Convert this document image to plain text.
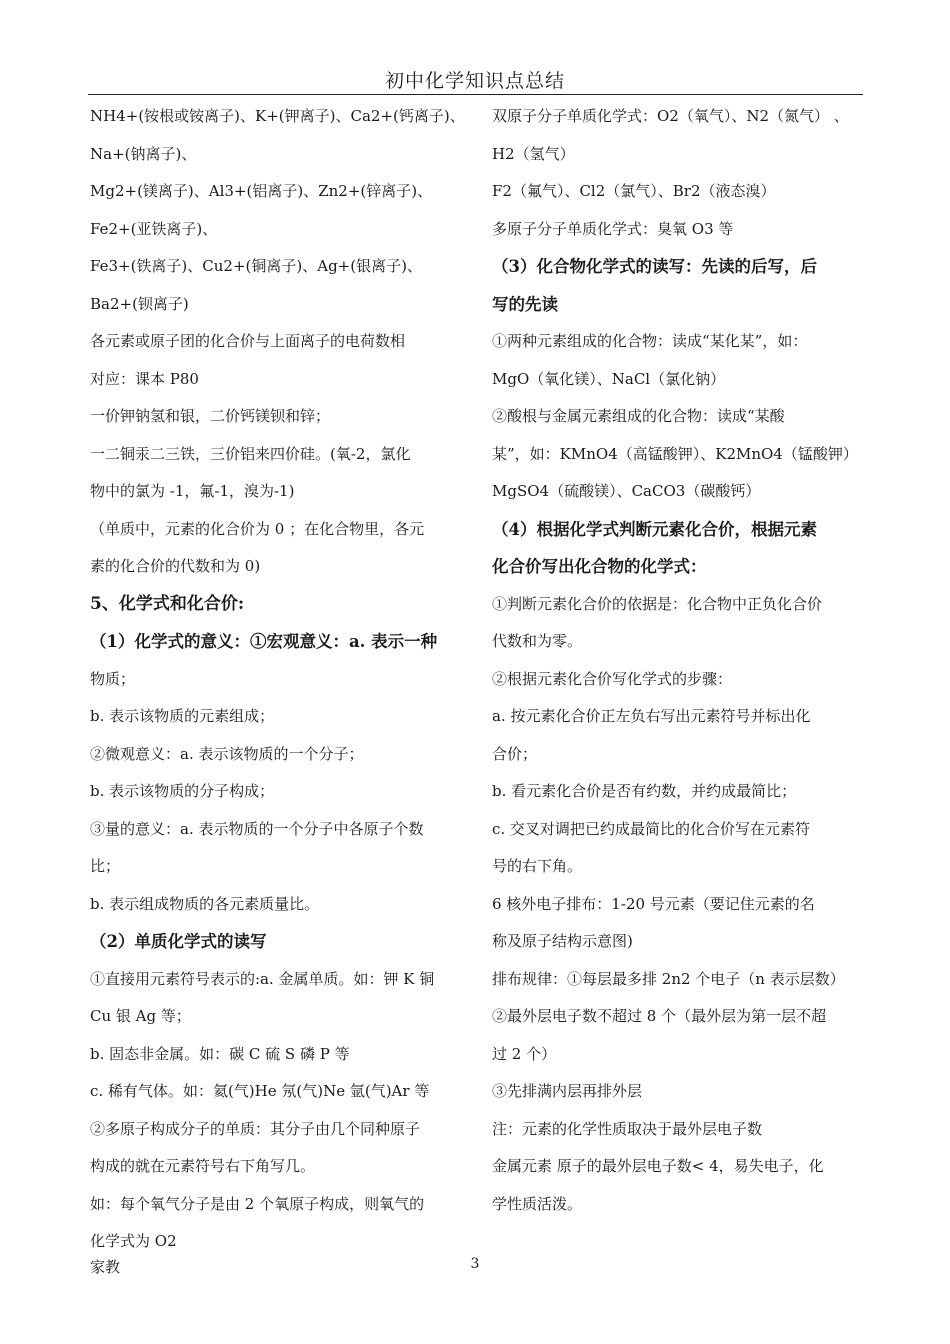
初中化学知识点总结
NH4+(铵根或铵离子)、K+(钾离子)、Ca2+(钙离子)、
Na+(钠离子)、
Mg2+(镁离子)、Al3+(铝离子)、Zn2+(锌离子)、
Fe2+(亚铁离子)、
Fe3+(铁离子)、Cu2+(铜离子)、Ag+(银离子)、
Ba2+(钡离子)
各元素或原子团的化合价与上面离子的电荷数相
对应：课本 P80
一价钾钠氢和银，二价钙镁钡和锌；
一二铜汞二三铁，三价铝来四价硅。(氧-2，氯化
物中的氯为 -1，氟-1，溴为-1)
（单质中，元素的化合价为 0 ；在化合物里，各元
素的化合价的代数和为 0)
5、化学式和化合价:
（1）化学式的意义：①宏观意义：a. 表示一种
物质；
b. 表示该物质的元素组成；
②微观意义：a. 表示该物质的一个分子；
b. 表示该物质的分子构成；
③量的意义：a. 表示物质的一个分子中各原子个数
比；
b. 表示组成物质的各元素质量比。
（2）单质化学式的读写
①直接用元素符号表示的:a. 金属单质。如：钾 K 铜
Cu 银 Ag 等；
b. 固态非金属。如：碳 C 硫 S 磷 P 等
c. 稀有气体。如：氦(气)He 氖(气)Ne 氩(气)Ar 等
②多原子构成分子的单质：其分子由几个同种原子
构成的就在元素符号右下角写几。
如：每个氧气分子是由 2 个氧原子构成，则氧气的
化学式为 O2
双原子分子单质化学式：O2（氧气）、N2（氮气） 、
H2（氢气）
F2（氟气）、Cl2（氯气）、Br2（液态溴）
多原子分子单质化学式：臭氧 O3 等
（3）化合物化学式的读写：先读的后写，后
写的先读
①两种元素组成的化合物：读成“某化某”，如：
MgO（氧化镁）、NaCl（氯化钠）
②酸根与金属元素组成的化合物：读成“某酸
某”，如：KMnO4（高锰酸钾）、K2MnO4（锰酸钾）
MgSO4（硫酸镁）、CaCO3（碳酸钙）
（4）根据化学式判断元素化合价，根据元素
化合价写出化合物的化学式：
①判断元素化合价的依据是：化合物中正负化合价
代数和为零。
②根据元素化合价写化学式的步骤：
a. 按元素化合价正左负右写出元素符号并标出化
合价；
b. 看元素化合价是否有约数，并约成最简比；
c. 交叉对调把已约成最简比的化合价写在元素符
号的右下角。
6 核外电子排布：1-20 号元素（要记住元素的名
称及原子结构示意图)
排布规律：①每层最多排 2n2 个电子（n 表示层数）
②最外层电子数不超过 8 个（最外层为第一层不超
过 2 个）
③先排满内层再排外层
注：元素的化学性质取决于最外层电子数
金属元素 原子的最外层电子数< 4，易失电子，化
学性质活泼。
家教	3
